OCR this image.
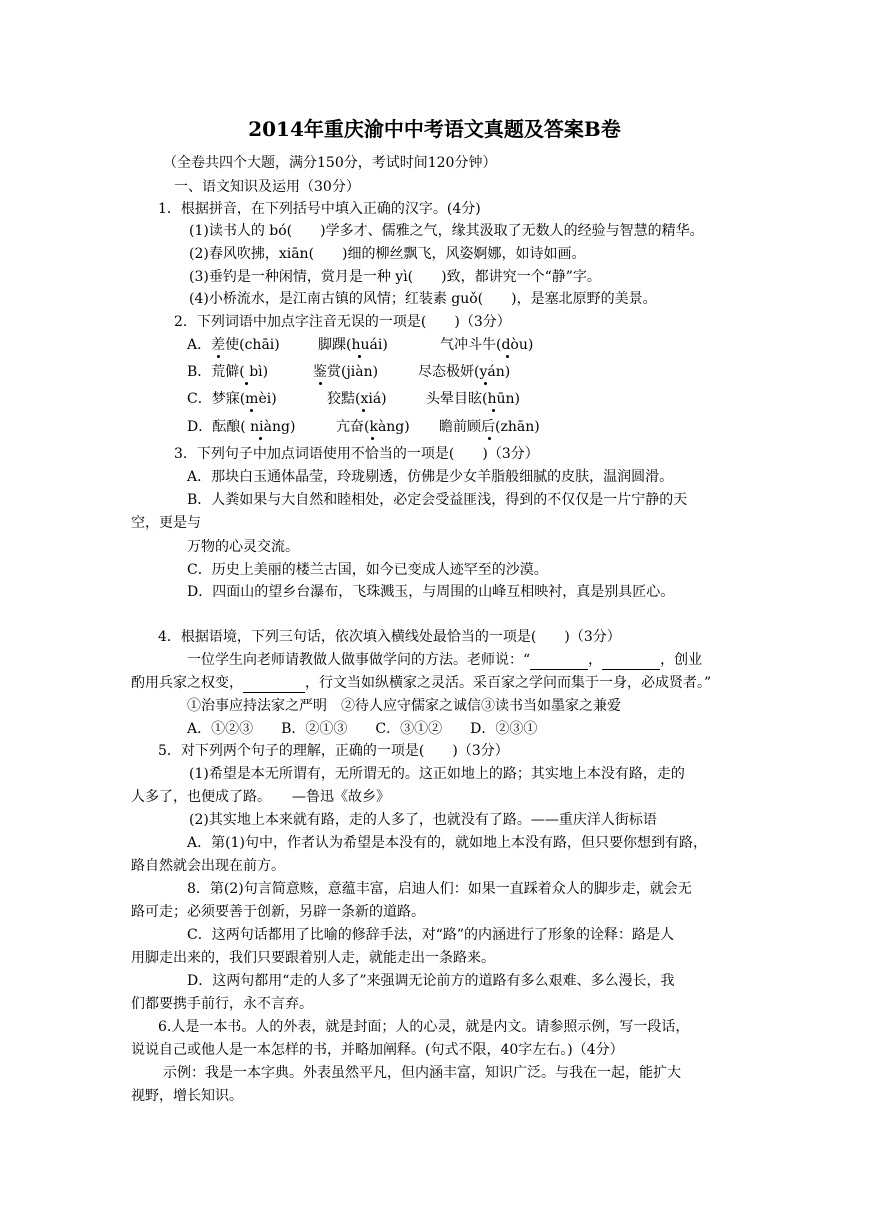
2014年重庆渝中中考语文真题及答案B卷
（全卷共四个大题，满分150分，考试时间120分钟）
一、语文知识及运用（30分）
1．根据拼音，在下列括号中填入正确的汉字。(4分)
(1)读书人的 bó(　　)学多才、儒雅之气，缘其汲取了无数人的经验与智慧的精华。
(2)春风吹拂，xiān(　　)细的柳丝飘飞，风姿婀娜，如诗如画。
(3)垂钓是一种闲情，赏月是一种 yì(　　)致，都讲究一个“静”字。
(4)小桥流水，是江南古镇的风情；红装素 guǒ(　　)，是塞北原野的美景。
2．下列词语中加点字注音无误的一项是(　　)（3分）
A．差使(chāi)	脚踝(huái)	气冲斗牛(dòu)
B．荒僻( bì)	鉴赏(jiàn)	尽态极妍(yán)
C．梦寐(mèi)	狡黠(xiá)	头晕目眩(hūn)
D．酝酿( niàng)	亢奋(kàng) 瞻前顾后(zhān)
3．下列句子中加点词语使用不恰当的一项是(　　)（3分）
A．那块白玉通体晶莹，玲珑剔透，仿佛是少女羊脂般细腻的皮肤，温润圆滑。
B．人粪如果与大自然和睦相处，必定会受益匪浅，得到的不仅仅是一片宁静的天
空，更是与
万物的心灵交流。
C．历史上美丽的楼兰古国，如今已变成人迹罕至的沙漠。
D．四面山的望乡台瀑布，飞珠溅玉，与周围的山峰互相映衬，真是别具匠心。
4．根据语境，下列三句话，依次填入横线处最恰当的一项是(　　)（3分）
一位学生向老师请教做人做事做学问的方法。老师说：“	，	，创业
酌用兵家之权变，	，行文当如纵横家之灵活。采百家之学问而集于一身，必成贤者。”
①治事应持法家之严明　②待人应守儒家之诚信③读书当如墨家之兼爱
A．①②③　　B．②①③　　C．③①②　　D．②③①
5．对下列两个句子的理解，正确的一项是(　　)（3分）
(1)希望是本无所谓有，无所谓无的。这正如地上的路；其实地上本没有路，走的
人多了，也便成了路。　　—鲁迅《故乡》
(2)其实地上本来就有路，走的人多了，也就没有了路。——重庆洋人街标语
A．第(1)句中，作者认为希望是本没有的，就如地上本没有路，但只要你想到有路，
路自然就会出现在前方。
8．第(2)句言简意赅，意蕴丰富，启迪人们：如果一直踩着众人的脚步走，就会无
路可走；必须要善于创新，另辟一条新的道路。
C．这两句话都用了比喻的修辞手法，对“路”的内涵进行了形象的诠释：路是人
用脚走出来的，我们只要跟着别人走，就能走出一条路来。
D．这两句都用“走的人多了”来强调无论前方的道路有多么艰难、多么漫长，我
们都要携手前行，永不言弃。
6.人是一本书。人的外表，就是封面；人的心灵，就是内文。请参照示例，写一段话，
说说自己或他人是一本怎样的书，并略加阐释。(句式不限，40字左右。)（4分）
示例：我是一本字典。外表虽然平凡，但内涵丰富，知识广泛。与我在一起，能扩大
视野，增长知识。
